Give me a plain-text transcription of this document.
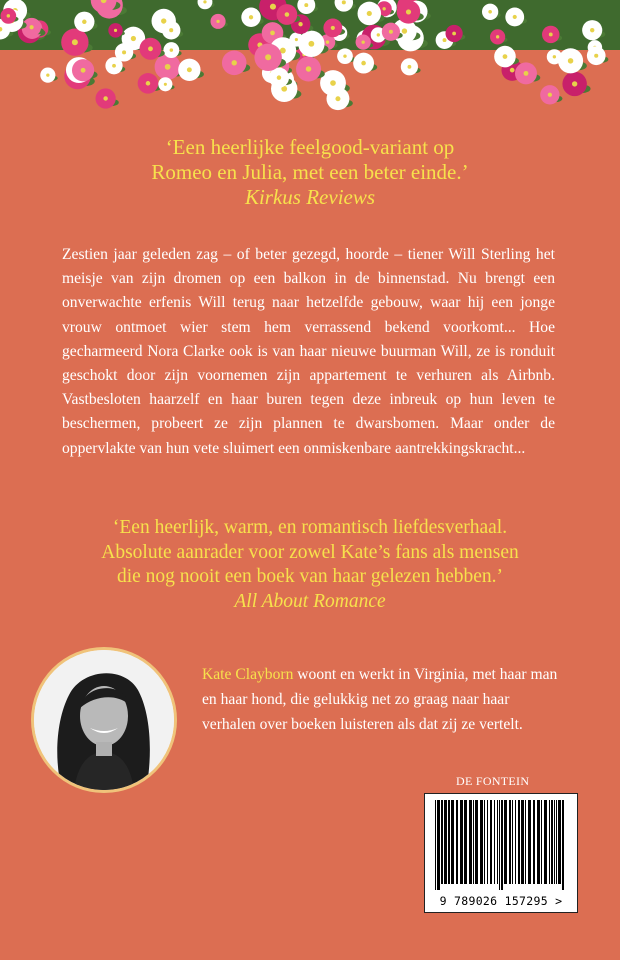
‘Een heerlijke feelgood-variant op
Romeo en Julia, met een beter einde.’
Kirkus Reviews
Zestien jaar geleden zag – of beter gezegd, hoorde – tiener Will Sterling het meisje van zijn dromen op een balkon in de binnenstad. Nu brengt een onverwachte erfenis Will terug naar hetzelfde gebouw, waar hij een jonge vrouw ontmoet wier stem hem verrassend bekend voorkomt... Hoe gecharmeerd Nora Clarke ook is van haar nieuwe buurman Will, ze is ronduit geschokt door zijn voornemen zijn appartement te verhuren als Airbnb. Vastbesloten haarzelf en haar buren tegen deze inbreuk op hun leven te beschermen, probeert ze zijn plannen te dwarsbomen. Maar onder de oppervlakte van hun vete sluimert een onmiskenbare aantrekkingskracht...
‘Een heerlijk, warm, en romantisch liefdesverhaal.
Absolute aanrader voor zowel Kate’s fans als mensen
die nog nooit een boek van haar gelezen hebben.’
All About Romance
Kate Clayborn woont en werkt in Virginia, met haar man en haar hond, die gelukkig net zo graag naar haar verhalen over boeken luisteren als dat zij ze vertelt.
DE FONTEIN
9 789026 157295 >
